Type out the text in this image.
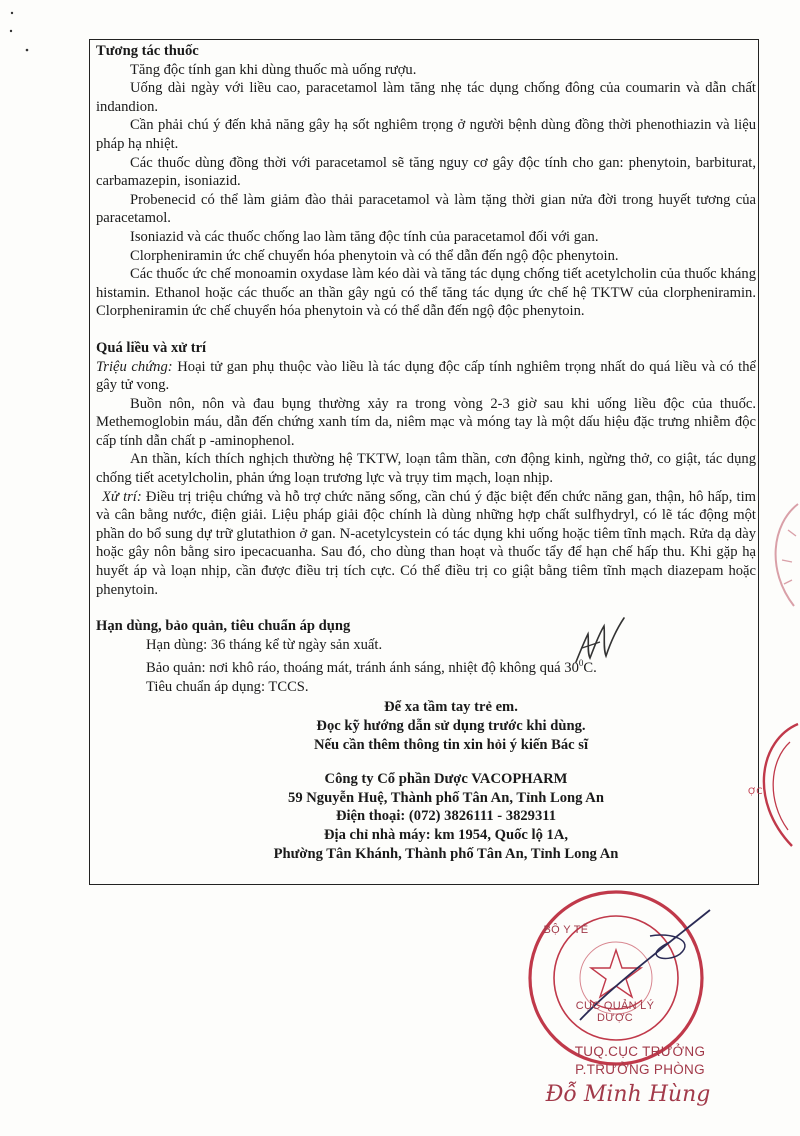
Tương tác thuốc

Tăng độc tính gan khi dùng thuốc mà uống rượu.

Uống dài ngày với liều cao, paracetamol làm tăng nhẹ tác dụng chống đông của coumarin và dẫn chất indandion.

Cần phải chú ý đến khả năng gây hạ sốt nghiêm trọng ở người bệnh dùng đồng thời phenothiazin và liệu pháp hạ nhiệt.

Các thuốc dùng đồng thời với paracetamol sẽ tăng nguy cơ gây độc tính cho gan: phenytoin, barbiturat, carbamazepin, isoniazid.

Probenecid có thể làm giảm đào thải paracetamol và làm tặng thời gian nửa đời trong huyết tương của paracetamol.

Isoniazid và các thuốc chống lao làm tăng độc tính của paracetamol đối với gan.

Clorpheniramin ức chế chuyển hóa phenytoin và có thể dẫn đến ngộ độc phenytoin.

Các thuốc ức chế monoamin oxydase làm kéo dài và tăng tác dụng chống tiết acetylcholin của thuốc kháng histamin. Ethanol hoặc các thuốc an thần gây ngủ có thể tăng tác dụng ức chế hệ TKTW của clorpheniramin. Clorpheniramin ức chế chuyển hóa phenytoin và có thể dẫn đến ngộ độc phenytoin.

Quá liều và xử trí

Triệu chứng: Hoại tử gan phụ thuộc vào liều là tác dụng độc cấp tính nghiêm trọng nhất do quá liều và có thể gây tử vong.

Buồn nôn, nôn và đau bụng thường xảy ra trong vòng 2-3 giờ sau khi uống liều độc của thuốc. Methemoglobin máu, dẫn đến chứng xanh tím da, niêm mạc và móng tay là một dấu hiệu đặc trưng nhiễm độc cấp tính dẫn chất p -aminophenol.

An thần, kích thích nghịch thường hệ TKTW, loạn tâm thần, cơn động kinh, ngừng thở, co giật, tác dụng chống tiết acetylcholin, phản ứng loạn trương lực và trụy tim mạch, loạn nhịp.

Xử trí: Điều trị triệu chứng và hỗ trợ chức năng sống, cần chú ý đặc biệt đến chức năng gan, thận, hô hấp, tim và cân bằng nước, điện giải. Liệu pháp giải độc chính là dùng những hợp chất sulfhydryl, có lẽ tác động một phần do bổ sung dự trữ glutathion ở gan. N-acetylcystein có tác dụng khi uống hoặc tiêm tĩnh mạch. Rửa dạ dày hoặc gây nôn bằng siro ipecacuanha. Sau đó, cho dùng than hoạt và thuốc tẩy để hạn chế hấp thu. Khi gặp hạ huyết áp và loạn nhịp, cần được điều trị tích cực. Có thể điều trị co giật bằng tiêm tĩnh mạch diazepam hoặc phenytoin.

Hạn dùng, bảo quản, tiêu chuẩn áp dụng

Hạn dùng: 36 tháng kể từ ngày sản xuất.

Bảo quản: nơi khô ráo, thoáng mát, tránh ánh sáng, nhiệt độ không quá $30^0C$.

Tiêu chuẩn áp dụng: TCCS.

Để xa tầm tay trẻ em.

Đọc kỹ hướng dẫn sử dụng trước khi dùng.

Nếu cần thêm thông tin xin hỏi ý kiến Bác sĩ

Công ty Cổ phần Dược VACOPHARM

59 Nguyễn Huệ, Thành phố Tân An, Tỉnh Long An

Điện thoại: (072) 3826111 - 3829311

Địa chỉ nhà máy: km 1954, Quốc lộ 1A,

Phường Tân Khánh, Thành phố Tân An, Tỉnh Long An

ỢC
BỘ Y TẾ
CỤC QUẢN LÝ DƯỢC
TUQ.CỤC TRƯỞNG
P.TRƯỞNG PHÒNG
Đỗ Minh Hùng
